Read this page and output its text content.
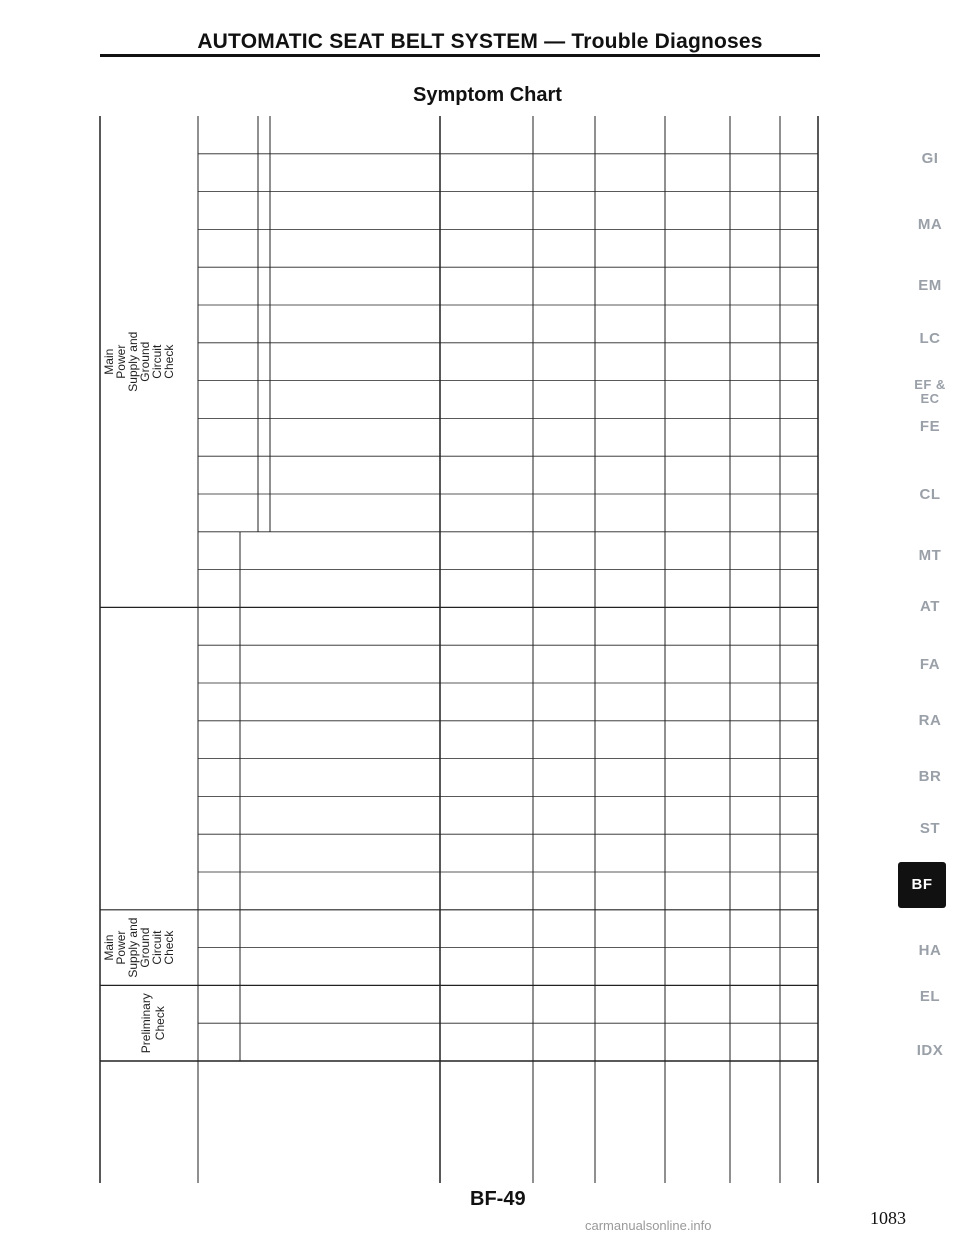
AUTOMATIC SEAT BELT SYSTEM — Trouble Diagnoses
Symptom Chart
Main
Power
Supply and
Ground
Circuit
Check
Main
Power
Supply and
Ground
Circuit
Check
Preliminary Check
BF-49
1083
carmanualsonline.info
GI
MA
EM
LC
EF & EC
FE
CL
MT
AT
FA
RA
BR
ST
BF
HA
EL
IDX
